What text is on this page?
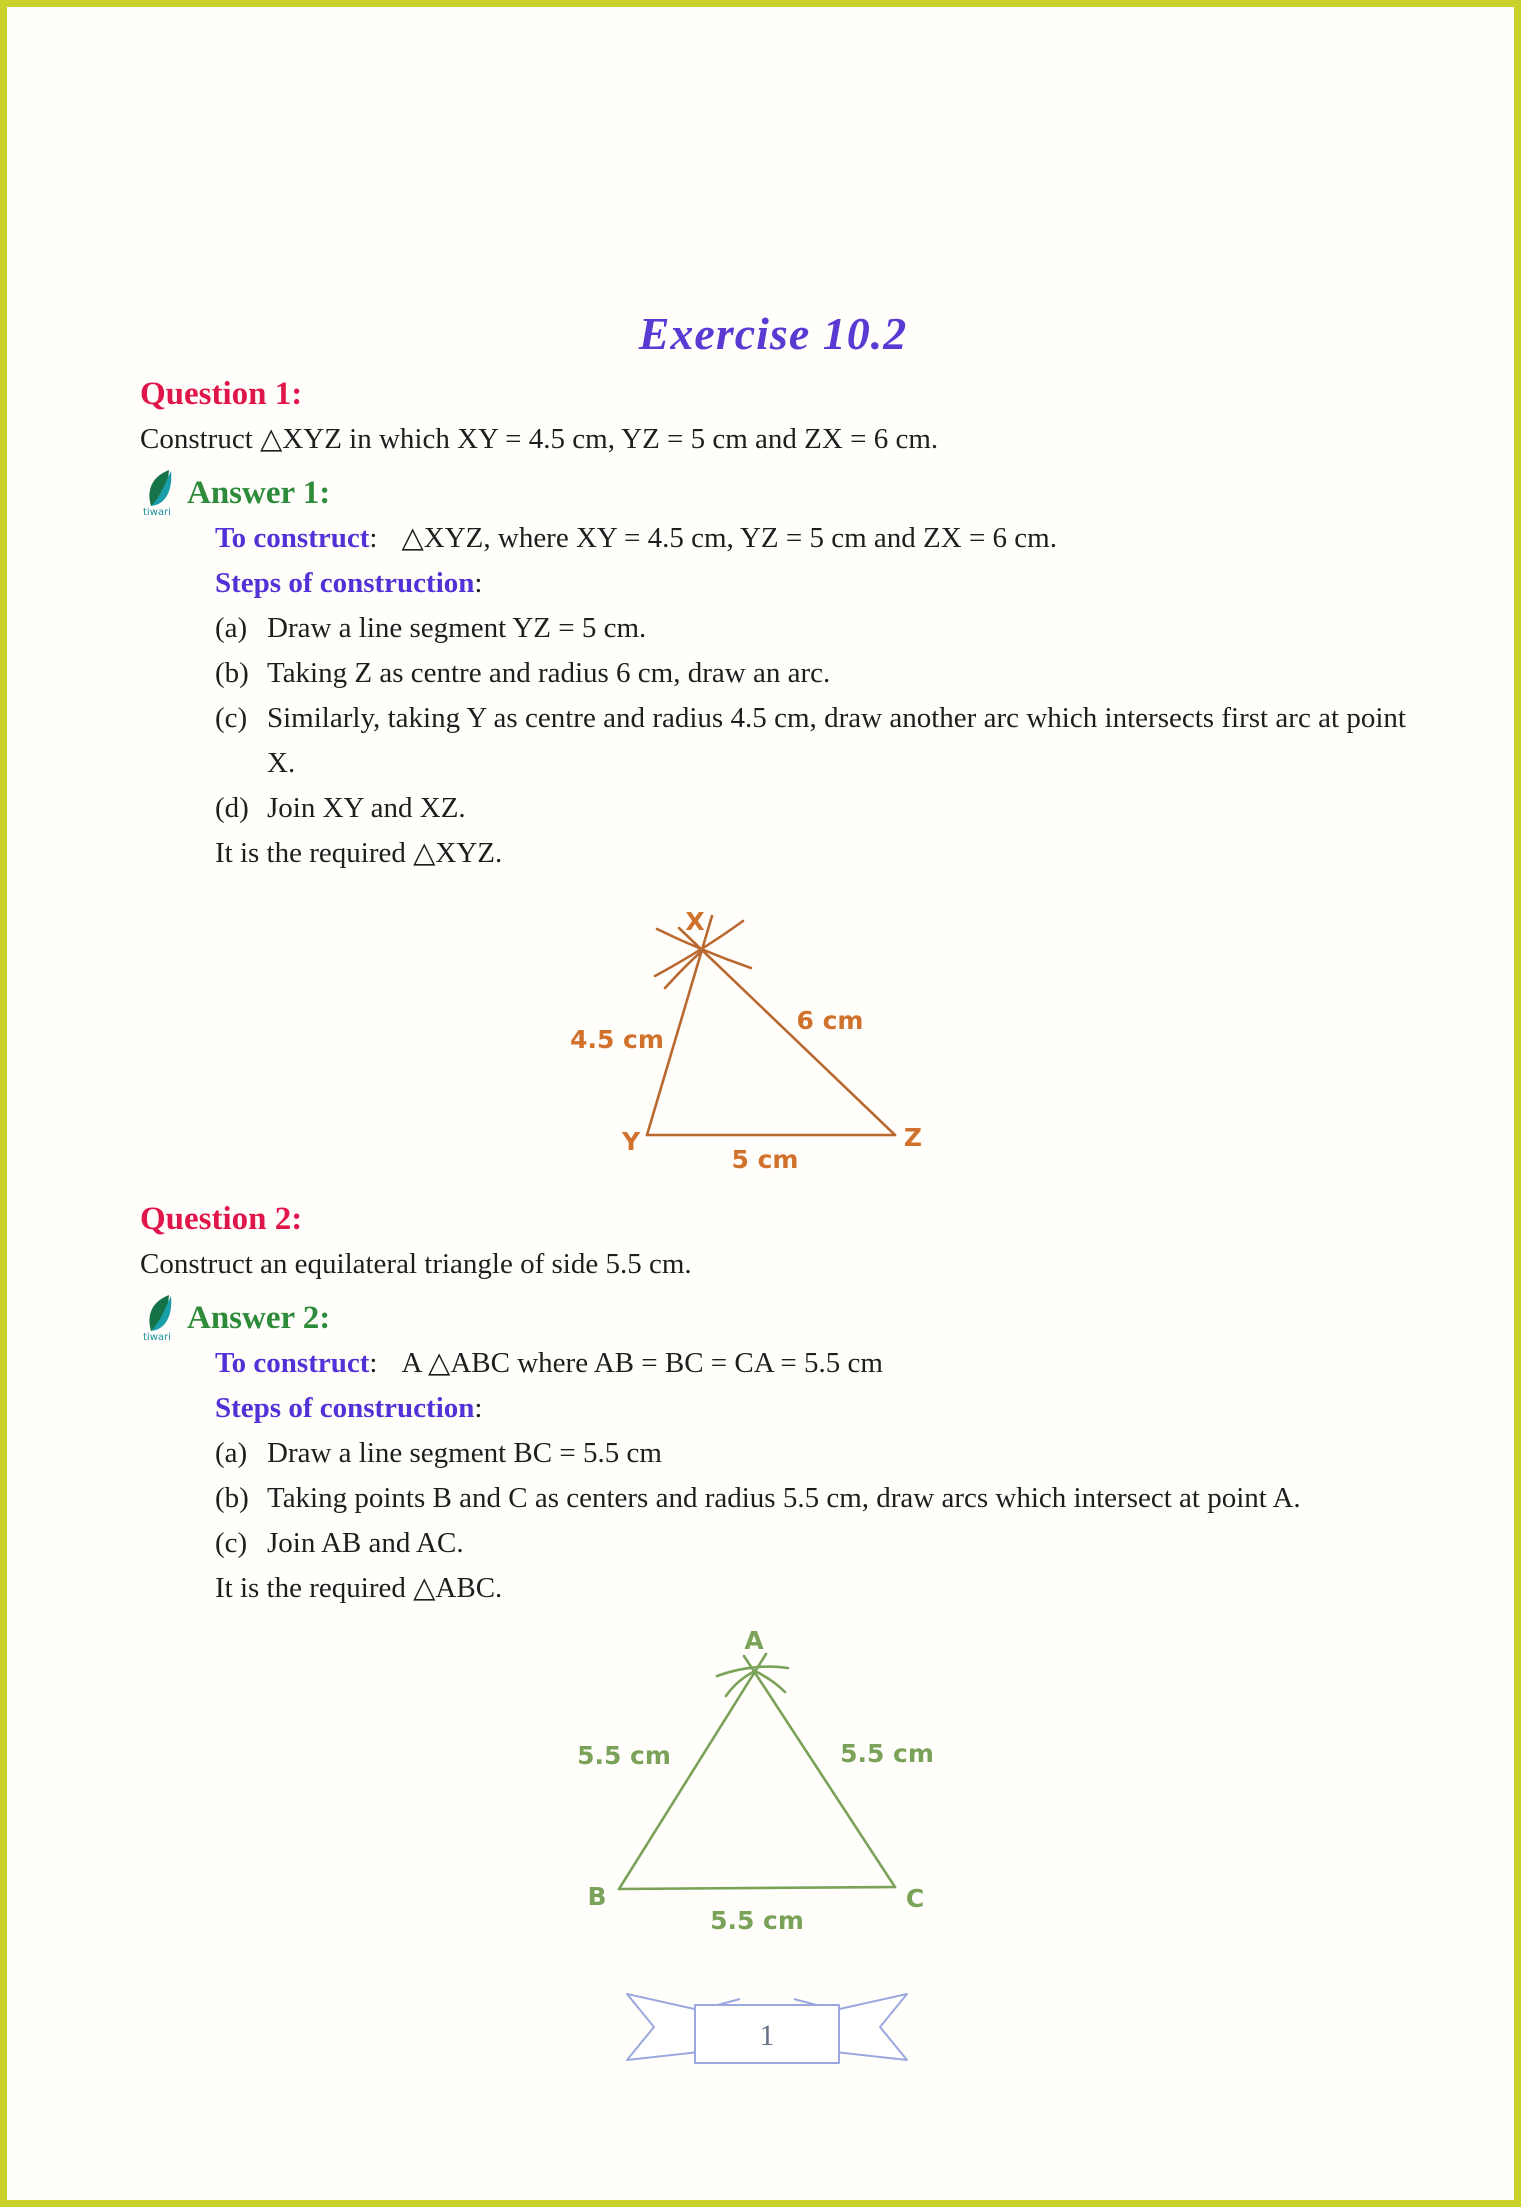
Exercise 10.2
Question 1:
Construct △XYZ in which XY = 4.5 cm, YZ = 5 cm and ZX = 6 cm.
tiwari
Answer 1:
To construct: △XYZ, where XY = 4.5 cm, YZ = 5 cm and ZX = 6 cm.
Steps of construction:
(a) Draw a line segment YZ = 5 cm.
(b) Taking Z as centre and radius 6 cm, draw an arc.
(c) Similarly, taking Y as centre and radius 4.5 cm, draw another arc which intersects first arc at point X.
(d) Join XY and XZ.
It is the required △XYZ.
X
Y	Z
4.5 cm
6 cm
5 cm
Question 2:
Construct an equilateral triangle of side 5.5 cm.
tiwari
Answer 2:
To construct: A △ABC where AB = BC = CA = 5.5 cm
Steps of construction:
(a) Draw a line segment BC = 5.5 cm
(b) Taking points B and C as centers and radius 5.5 cm, draw arcs which intersect at point A.
(c) Join AB and AC.
It is the required △ABC.
A
B	C
5.5 cm	5.5 cm
5.5 cm
1
